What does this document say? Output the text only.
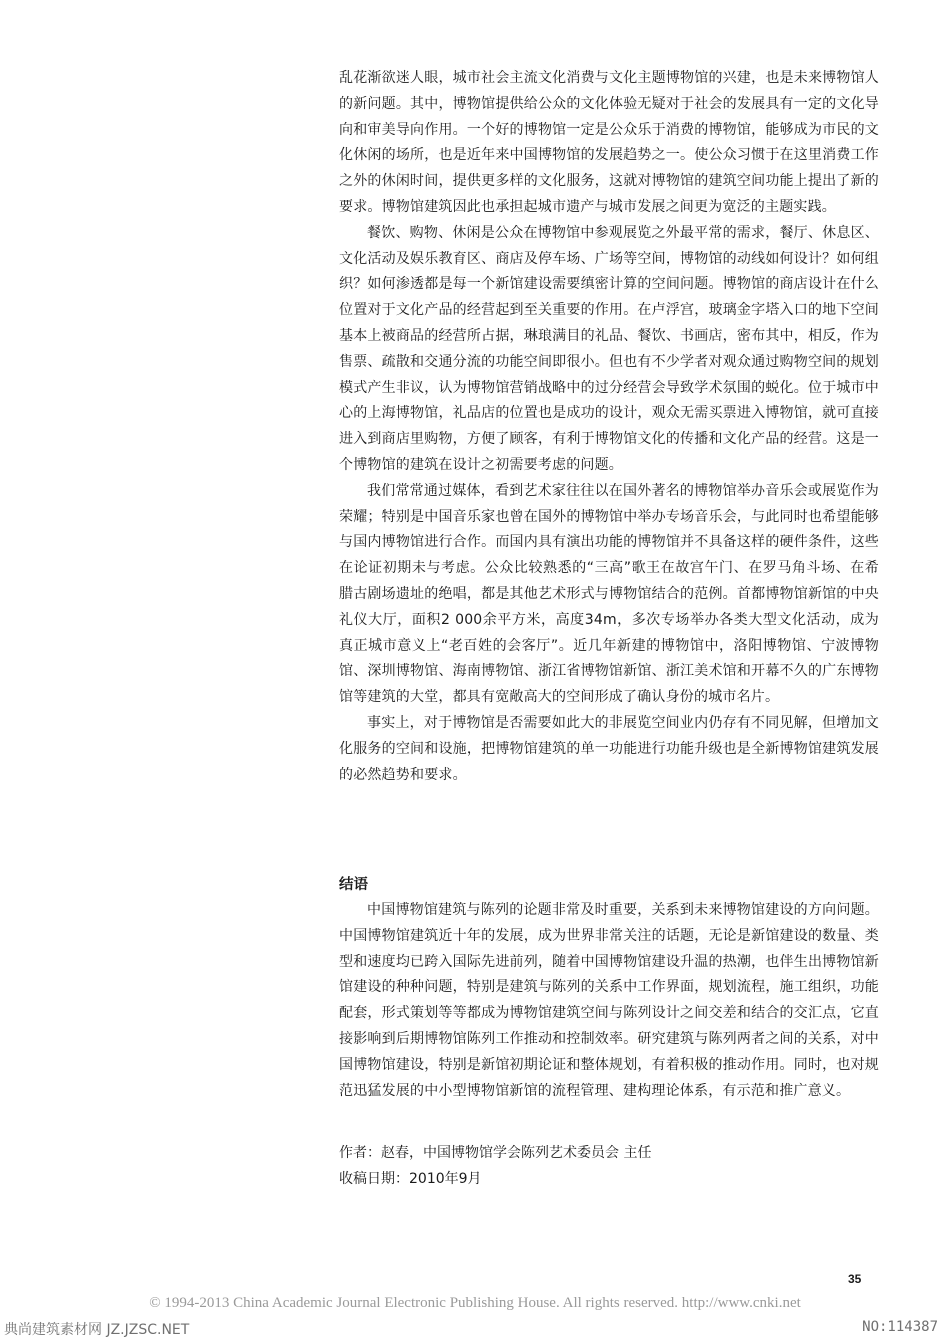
乱花渐欲迷人眼，城市社会主流文化消费与文化主题博物馆的兴建，也是未来博物馆人的新问题。其中，博物馆提供给公众的文化体验无疑对于社会的发展具有一定的文化导向和审美导向作用。一个好的博物馆一定是公众乐于消费的博物馆，能够成为市民的文化休闲的场所，也是近年来中国博物馆的发展趋势之一。使公众习惯于在这里消费工作之外的休闲时间，提供更多样的文化服务，这就对博物馆的建筑空间功能上提出了新的要求。博物馆建筑因此也承担起城市遗产与城市发展之间更为宽泛的主题实践。

餐饮、购物、休闲是公众在博物馆中参观展览之外最平常的需求，餐厅、休息区、文化活动及娱乐教育区、商店及停车场、广场等空间，博物馆的动线如何设计？如何组织？如何渗透都是每一个新馆建设需要缜密计算的空间问题。博物馆的商店设计在什么位置对于文化产品的经营起到至关重要的作用。在卢浮宫，玻璃金字塔入口的地下空间基本上被商品的经营所占据，琳琅满目的礼品、餐饮、书画店，密布其中，相反，作为售票、疏散和交通分流的功能空间即很小。但也有不少学者对观众通过购物空间的规划模式产生非议，认为博物馆营销战略中的过分经营会导致学术氛围的蜕化。位于城市中心的上海博物馆，礼品店的位置也是成功的设计，观众无需买票进入博物馆，就可直接进入到商店里购物，方便了顾客，有利于博物馆文化的传播和文化产品的经营。这是一个博物馆的建筑在设计之初需要考虑的问题。

我们常常通过媒体，看到艺术家往往以在国外著名的博物馆举办音乐会或展览作为荣耀；特别是中国音乐家也曾在国外的博物馆中举办专场音乐会，与此同时也希望能够与国内博物馆进行合作。而国内具有演出功能的博物馆并不具备这样的硬件条件，这些在论证初期未与考虑。公众比较熟悉的“三高”歌王在故宫午门、在罗马角斗场、在希腊古剧场遗址的绝唱，都是其他艺术形式与博物馆结合的范例。首都博物馆新馆的中央礼仪大厅，面积2 000余平方米，高度34m，多次专场举办各类大型文化活动，成为真正城市意义上“老百姓的会客厅”。近几年新建的博物馆中，洛阳博物馆、宁波博物馆、深圳博物馆、海南博物馆、浙江省博物馆新馆、浙江美术馆和开幕不久的广东博物馆等建筑的大堂，都具有宽敞高大的空间形成了确认身份的城市名片。

事实上，对于博物馆是否需要如此大的非展览空间业内仍存有不同见解，但增加文化服务的空间和设施，把博物馆建筑的单一功能进行功能升级也是全新博物馆建筑发展的必然趋势和要求。

结语

中国博物馆建筑与陈列的论题非常及时重要，关系到未来博物馆建设的方向问题。中国博物馆建筑近十年的发展，成为世界非常关注的话题，无论是新馆建设的数量、类型和速度均已跨入国际先进前列，随着中国博物馆建设升温的热潮，也伴生出博物馆新馆建设的种种问题，特别是建筑与陈列的关系中工作界面，规划流程，施工组织，功能配套，形式策划等等都成为博物馆建筑空间与陈列设计之间交差和结合的交汇点，它直接影响到后期博物馆陈列工作推动和控制效率。研究建筑与陈列两者之间的关系，对中国博物馆建设，特别是新馆初期论证和整体规划，有着积极的推动作用。同时，也对规范迅猛发展的中小型博物馆新馆的流程管理、建构理论体系，有示范和推广意义。

作者：赵春，中国博物馆学会陈列艺术委员会 主任
收稿日期：2010年9月
35
© 1994-2013 China Academic Journal Electronic Publishing House. All rights reserved. http://www.cnki.net
典尚建筑素材网 JZ.JZSC.NET	NO:114387
